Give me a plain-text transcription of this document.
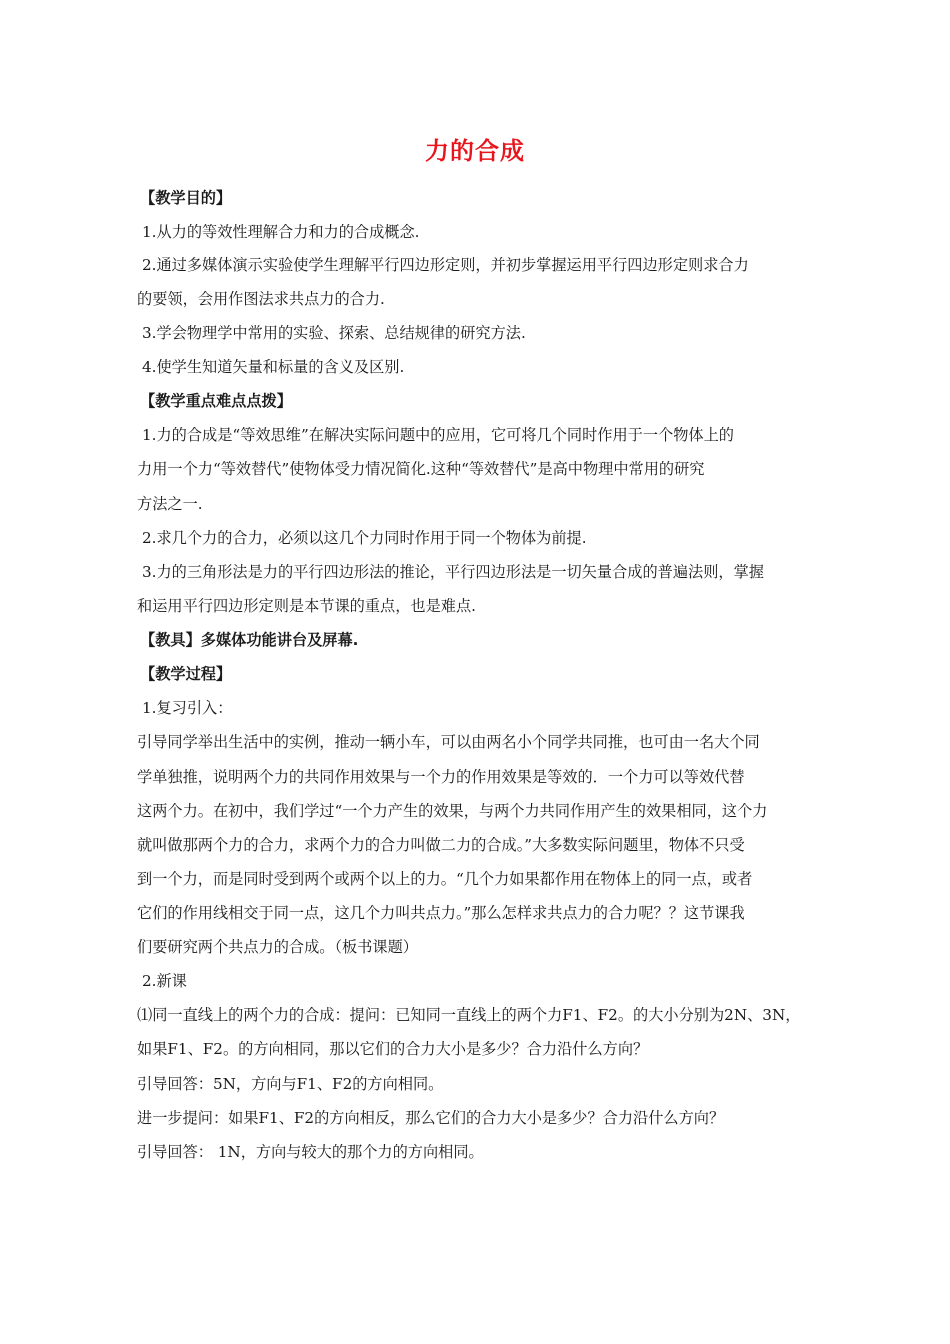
力的合成
【教学目的】
1.从力的等效性理解合力和力的合成概念.
2.通过多媒体演示实验使学生理解平行四边形定则，并初步掌握运用平行四边形定则求合力
的要领，会用作图法求共点力的合力.
3.学会物理学中常用的实验、探索、总结规律的研究方法.
4.使学生知道矢量和标量的含义及区别.
【教学重点难点点拨】
1.力的合成是“等效思维”在解决实际问题中的应用，它可将几个同时作用于一个物体上的
力用一个力“等效替代”使物体受力情况简化.这种“等效替代”是高中物理中常用的研究
方法之一.
2.求几个力的合力，必须以这几个力同时作用于同一个物体为前提.
3.力的三角形法是力的平行四边形法的推论，平行四边形法是一切矢量合成的普遍法则，掌握
和运用平行四边形定则是本节课的重点，也是难点.
【教具】多媒体功能讲台及屏幕.
【教学过程】
1.复习引入：
引导同学举出生活中的实例，推动一辆小车，可以由两名小个同学共同推，也可由一名大个同
学单独推，说明两个力的共同作用效果与一个力的作用效果是等效的．一个力可以等效代替
这两个力。在初中，我们学过“一个力产生的效果，与两个力共同作用产生的效果相同，这个力
就叫做那两个力的合力，求两个力的合力叫做二力的合成。”大多数实际问题里，物体不只受
到一个力，而是同时受到两个或两个以上的力。“几个力如果都作用在物体上的同一点，或者
它们的作用线相交于同一点，这几个力叫共点力。”那么怎样求共点力的合力呢？？这节课我
们要研究两个共点力的合成。（板书课题）
2.新课
⑴同一直线上的两个力的合成：提问：已知同一直线上的两个力F1、F2。的大小分别为2N、3N，
如果F1、F2。的方向相同，那以它们的合力大小是多少？合力沿什么方向？
引导回答：5N，方向与F1、F2的方向相同。
进一步提问：如果F1、F2的方向相反，那么它们的合力大小是多少？合力沿什么方向？
引导回答： 1N，方向与较大的那个力的方向相同。
